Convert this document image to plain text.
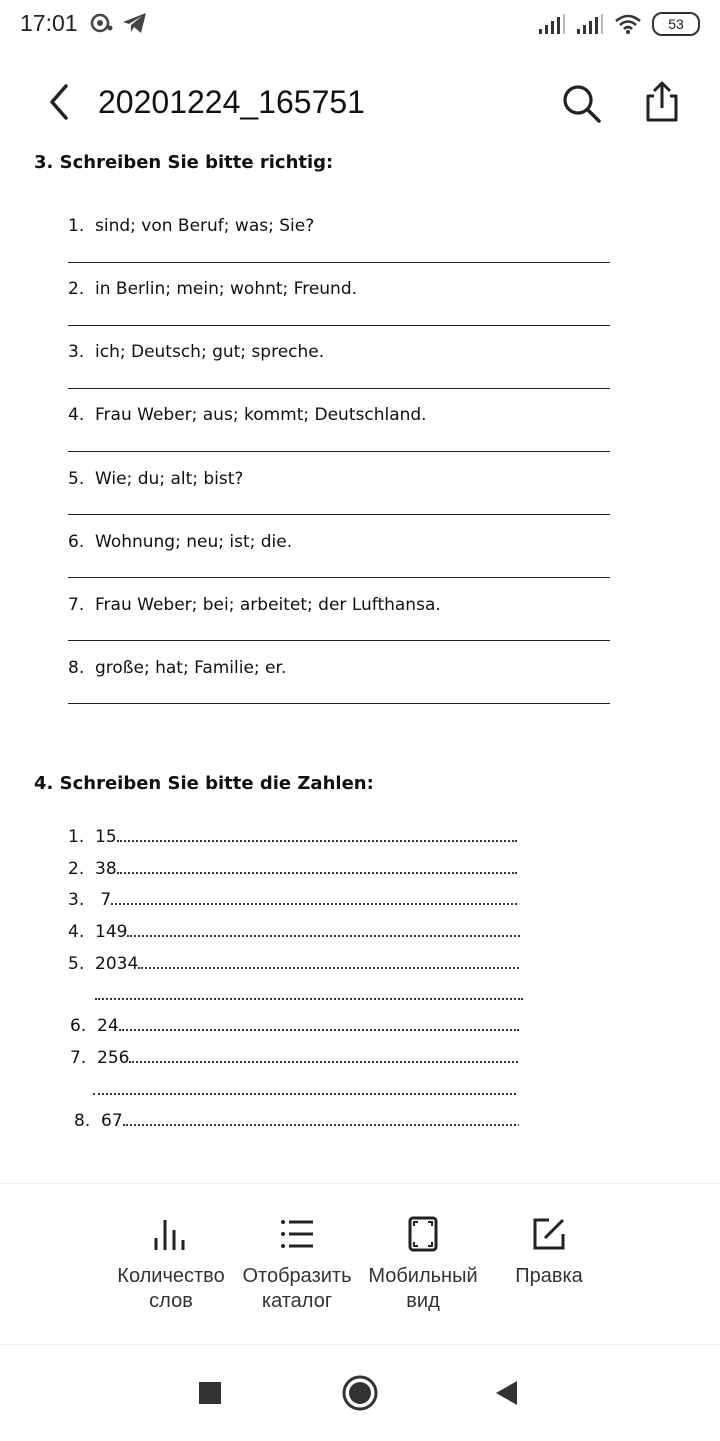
17:01	53
20201224_165751
3. Schreiben Sie bitte richtig:
1. sind; von Beruf; was; Sie?
2. in Berlin; mein; wohnt; Freund.
3. ich; Deutsch; gut; spreche.
4. Frau Weber; aus; kommt; Deutschland.
5. Wie; du; alt; bist?
6. Wohnung; neu; ist; die.
7. Frau Weber; bei; arbeitet; der Lufthansa.
8. große; hat; Familie; er.
4. Schreiben Sie bitte die Zahlen:
1. 15
2. 38
3. 7
4. 149
5. 2034
6. 24
7. 256
8. 67
Количество
слов
Отобразить
каталог
Мобильный
вид
Правка
